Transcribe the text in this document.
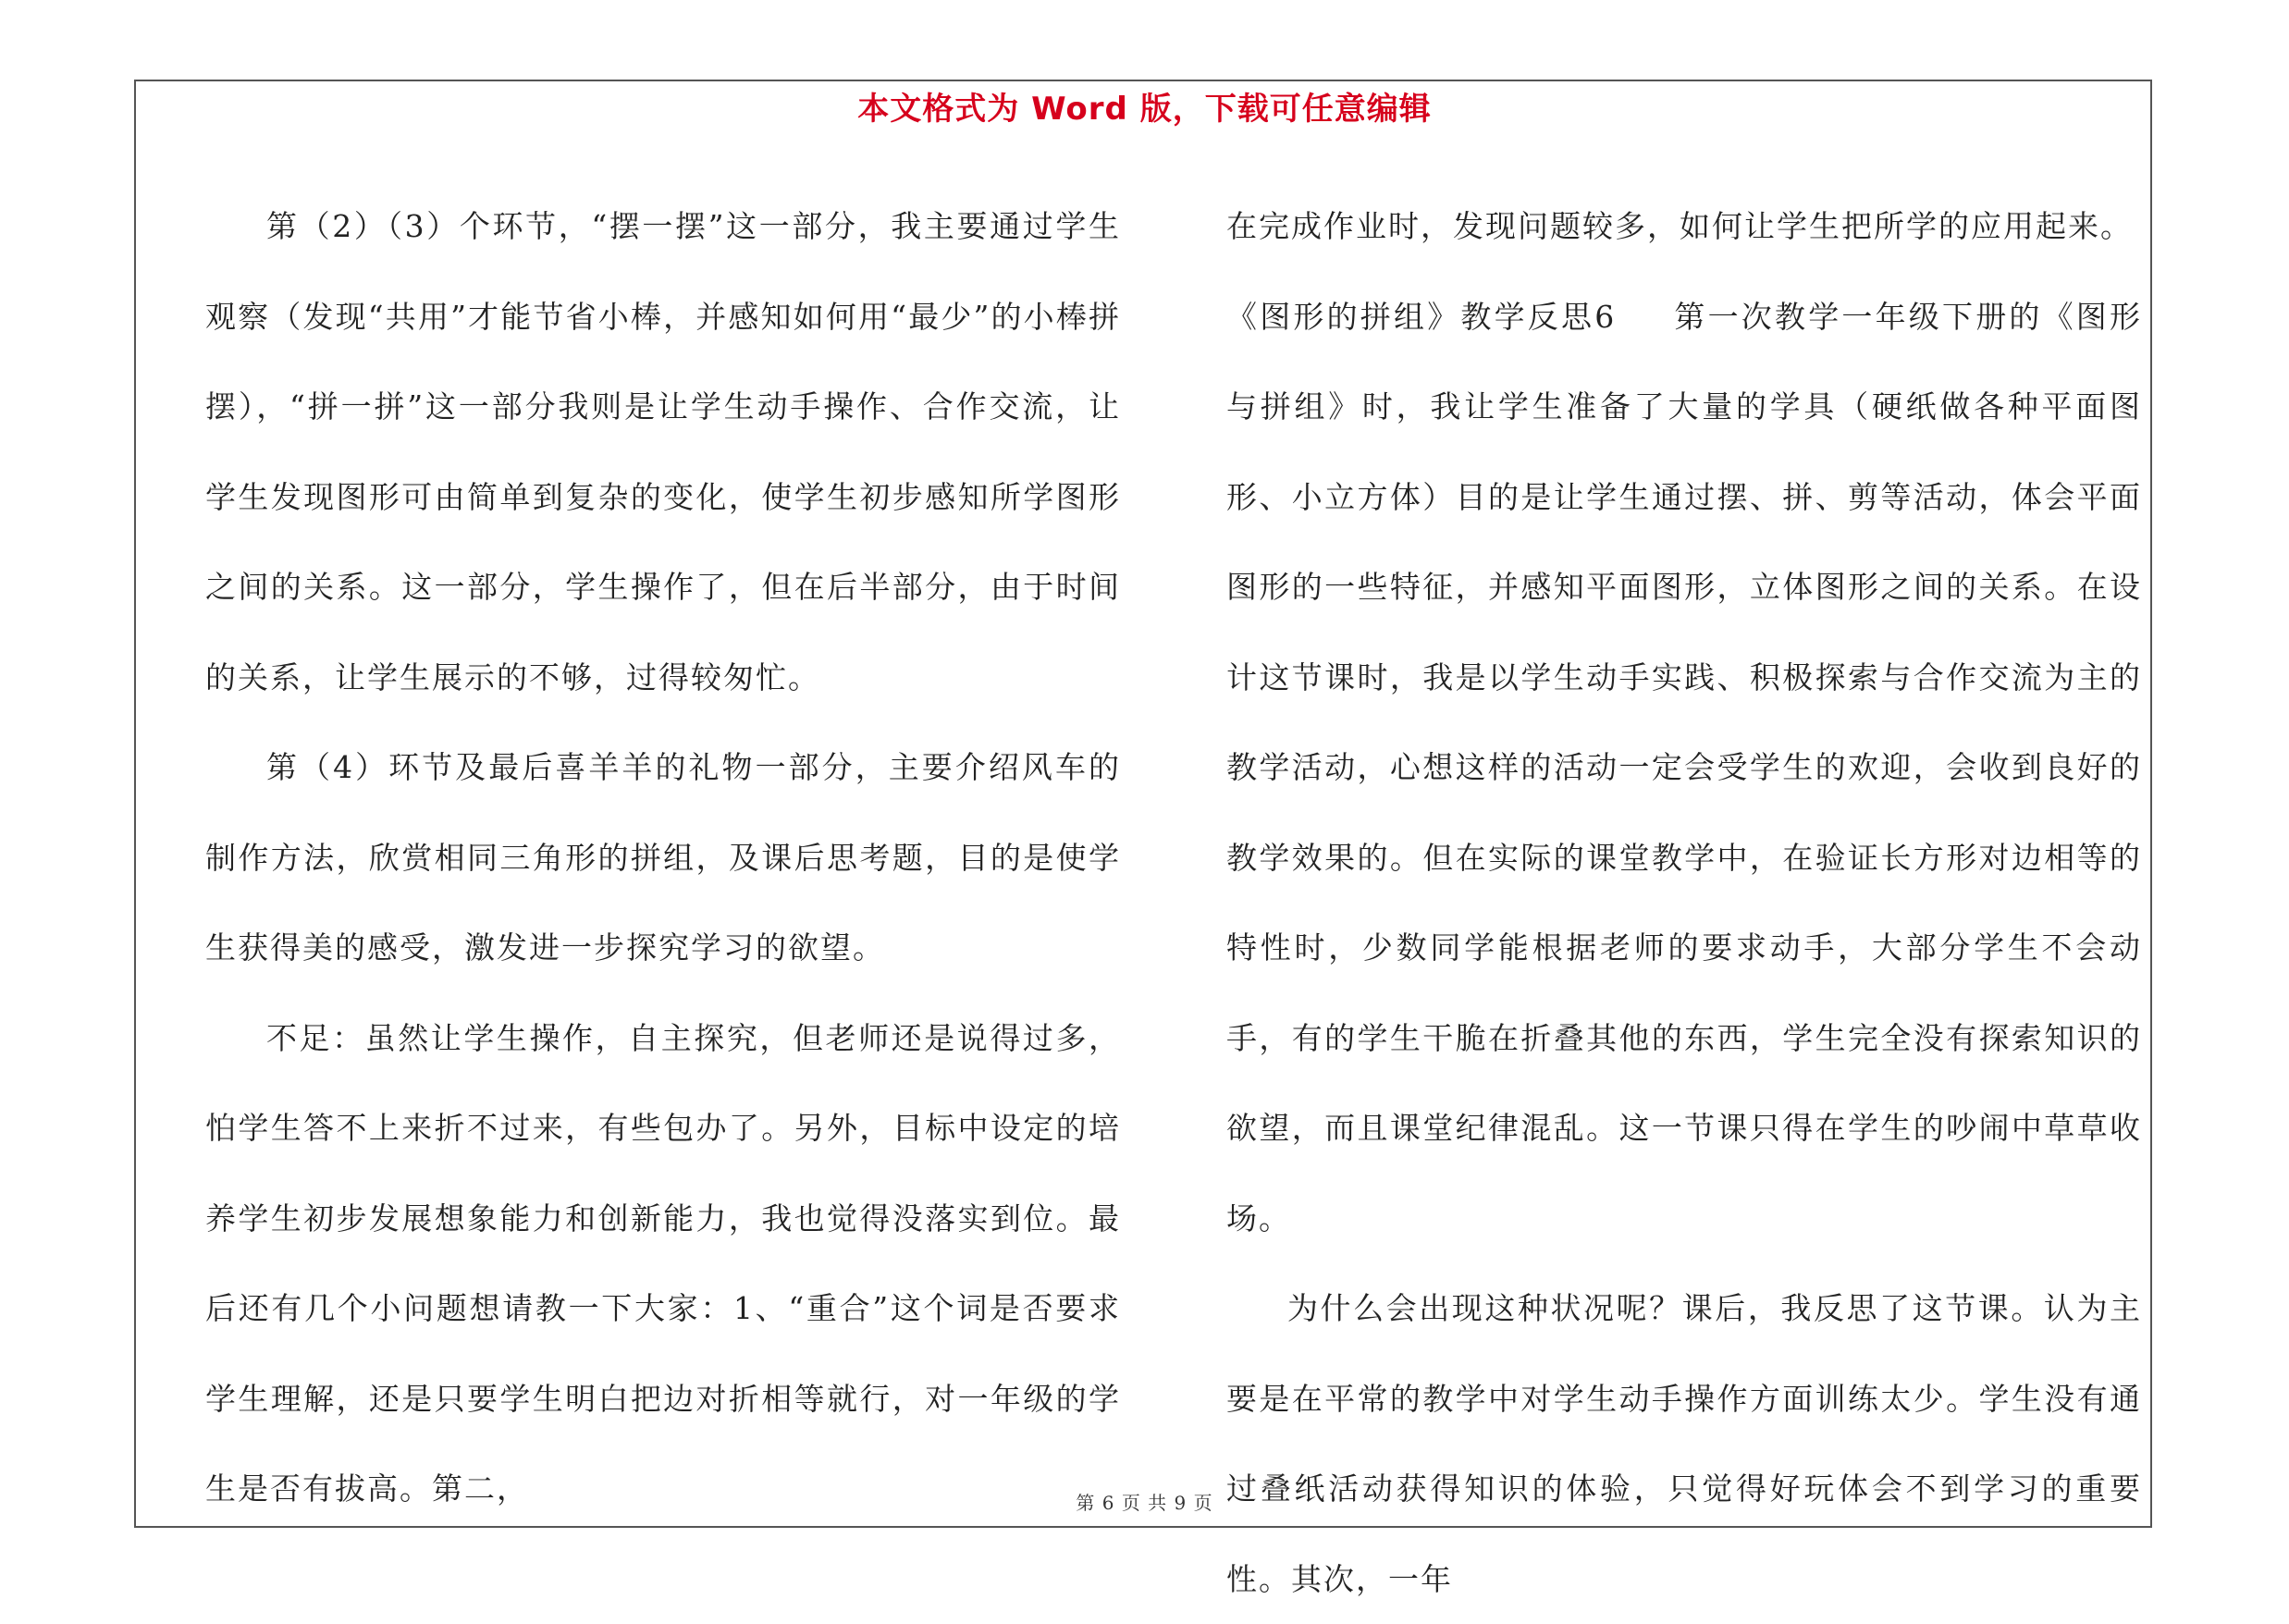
本文格式为 Word 版，下载可任意编辑

第（2）（3）个环节，“摆一摆”这一部分，我主要通过学生观察（发现“共用”才能节省小棒，并感知如何用“最少”的小棒拼摆），“拼一拼”这一部分我则是让学生动手操作、合作交流，让学生发现图形可由简单到复杂的变化，使学生初步感知所学图形之间的关系。这一部分，学生操作了，但在后半部分，由于时间的关系，让学生展示的不够，过得较匆忙。

第（4）环节及最后喜羊羊的礼物一部分，主要介绍风车的制作方法，欣赏相同三角形的拼组，及课后思考题，目的是使学生获得美的感受，激发进一步探究学习的欲望。

不足：虽然让学生操作，自主探究，但老师还是说得过多，怕学生答不上来折不过来，有些包办了。另外，目标中设定的培养学生初步发展想象能力和创新能力，我也觉得没落实到位。最后还有几个小问题想请教一下大家：1、“重合”这个词是否要求学生理解，还是只要学生明白把边对折相等就行，对一年级的学生是否有拔高。第二，

在完成作业时，发现问题较多，如何让学生把所学的应用起来。

《图形的拼组》教学反思6 第一次教学一年级下册的《图形与拼组》时，我让学生准备了大量的学具（硬纸做各种平面图形、小立方体）目的是让学生通过摆、拼、剪等活动，体会平面图形的一些特征，并感知平面图形，立体图形之间的关系。在设计这节课时，我是以学生动手实践、积极探索与合作交流为主的教学活动，心想这样的活动一定会受学生的欢迎，会收到良好的教学效果的。但在实际的课堂教学中，在验证长方形对边相等的特性时，少数同学能根据老师的要求动手，大部分学生不会动手，有的学生干脆在折叠其他的东西，学生完全没有探索知识的欲望，而且课堂纪律混乱。这一节课只得在学生的吵闹中草草收场。

为什么会出现这种状况呢？课后，我反思了这节课。认为主要是在平常的教学中对学生动手操作方面训练太少。学生没有通过叠纸活动获得知识的体验，只觉得好玩体会不到学习的重要性。其次，一年

第 6 页 共 9 页
